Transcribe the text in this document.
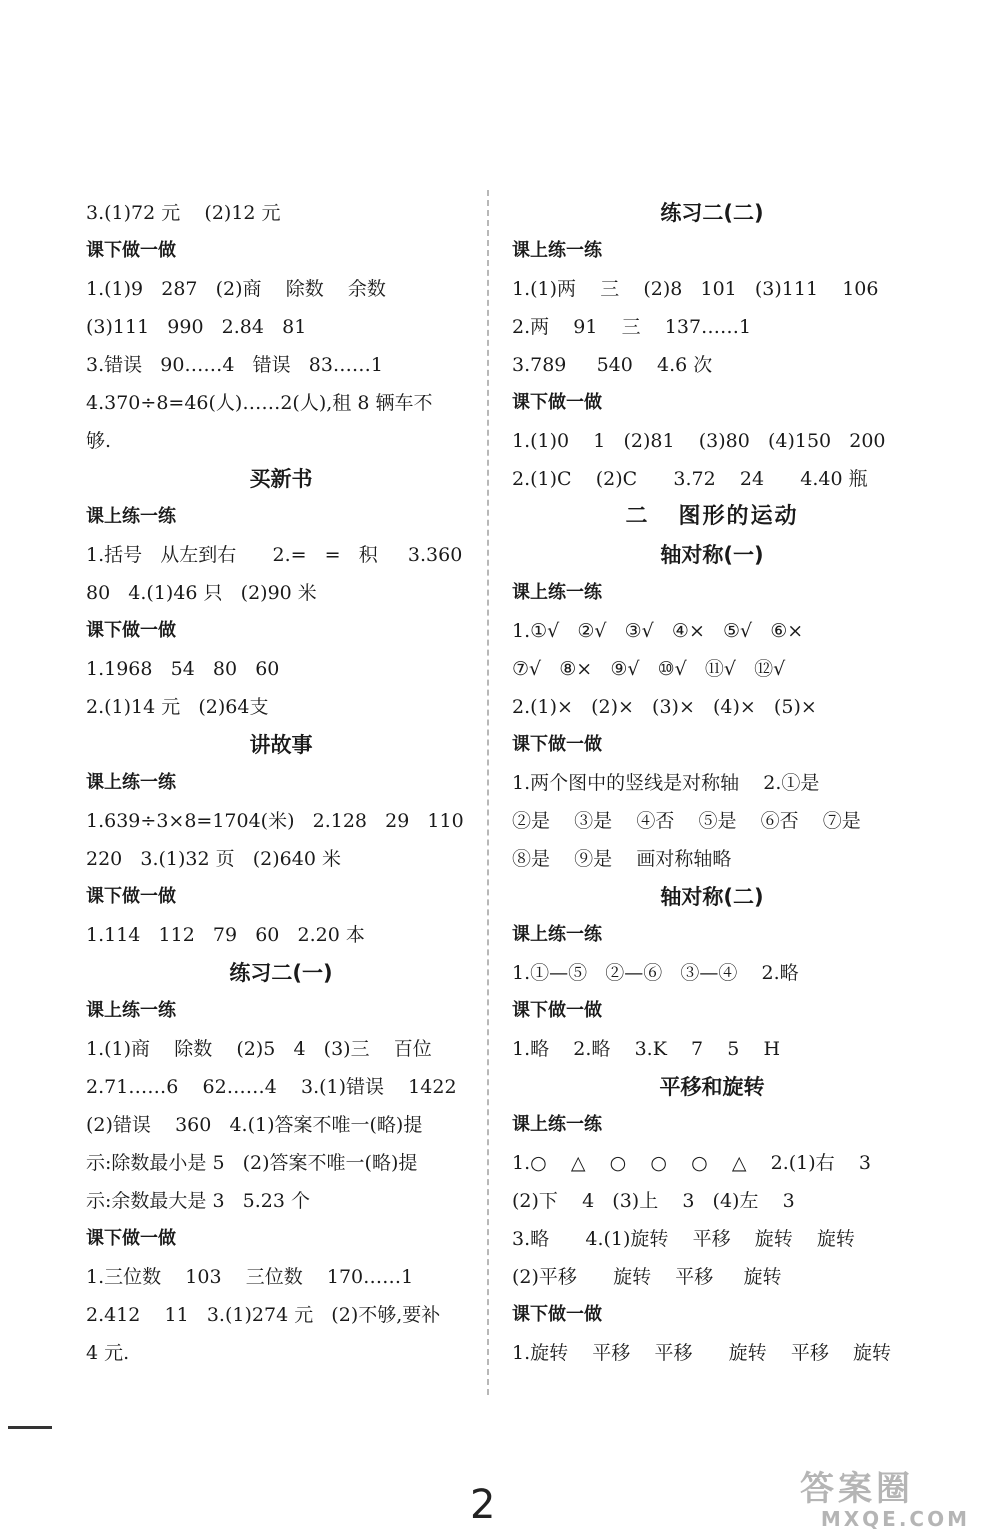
3.(1)72 元    (2)12 元
课下做一做
1.(1)9   287   (2)商    除数    余数
(3)111   990   2.84   81
3.错误   90……4   错误   83……1
4.370÷8=46(人)……2(人),租 8 辆车不
够.
买新书
课上练一练
1.括号   从左到右      2.=   =   积     3.360
80   4.(1)46 只   (2)90 米
课下做一做
1.1968   54   80   60
2.(1)14 元   (2)64支
讲故事
课上练一练
1.639÷3×8=1704(米)   2.128   29   110
220   3.(1)32 页   (2)640 米
课下做一做
1.114   112   79   60   2.20 本
练习二(一)
课上练一练
1.(1)商    除数    (2)5   4   (3)三    百位
2.71……6    62……4    3.(1)错误    1422
(2)错误    360   4.(1)答案不唯一(略)提
示:除数最小是 5   (2)答案不唯一(略)提
示:余数最大是 3   5.23 个
课下做一做
1.三位数    103    三位数    170……1
2.412    11   3.(1)274 元   (2)不够,要补
4 元.
练习二(二)
课上练一练
1.(1)两    三    (2)8   101   (3)111    106
2.两    91    三    137……1
3.789     540    4.6 次
课下做一做
1.(1)0    1   (2)81    (3)80   (4)150   200
2.(1)C    (2)C      3.72    24      4.40 瓶
二   图形的运动
轴对称(一)
课上练一练
1.①√   ②√   ③√   ④×   ⑤√   ⑥×
⑦√   ⑧×   ⑨√   ⑩√   ⑪√   ⑫√
2.(1)×   (2)×   (3)×   (4)×   (5)×
课下做一做
1.两个图中的竖线是对称轴    2.①是
②是    ③是    ④否    ⑤是    ⑥否    ⑦是
⑧是    ⑨是    画对称轴略
轴对称(二)
课上练一练
1.①—⑤   ②—⑥   ③—④    2.略
课下做一做
1.略    2.略    3.K    7    5    H
平移和旋转
课上练一练
1.○    △    ○    ○    ○    △    2.(1)右    3
(2)下    4   (3)上    3   (4)左    3
3.略      4.(1)旋转    平移    旋转    旋转
(2)平移      旋转    平移     旋转
课下做一做
1.旋转    平移    平移      旋转    平移    旋转
2	答案圈
MXQE.COM
